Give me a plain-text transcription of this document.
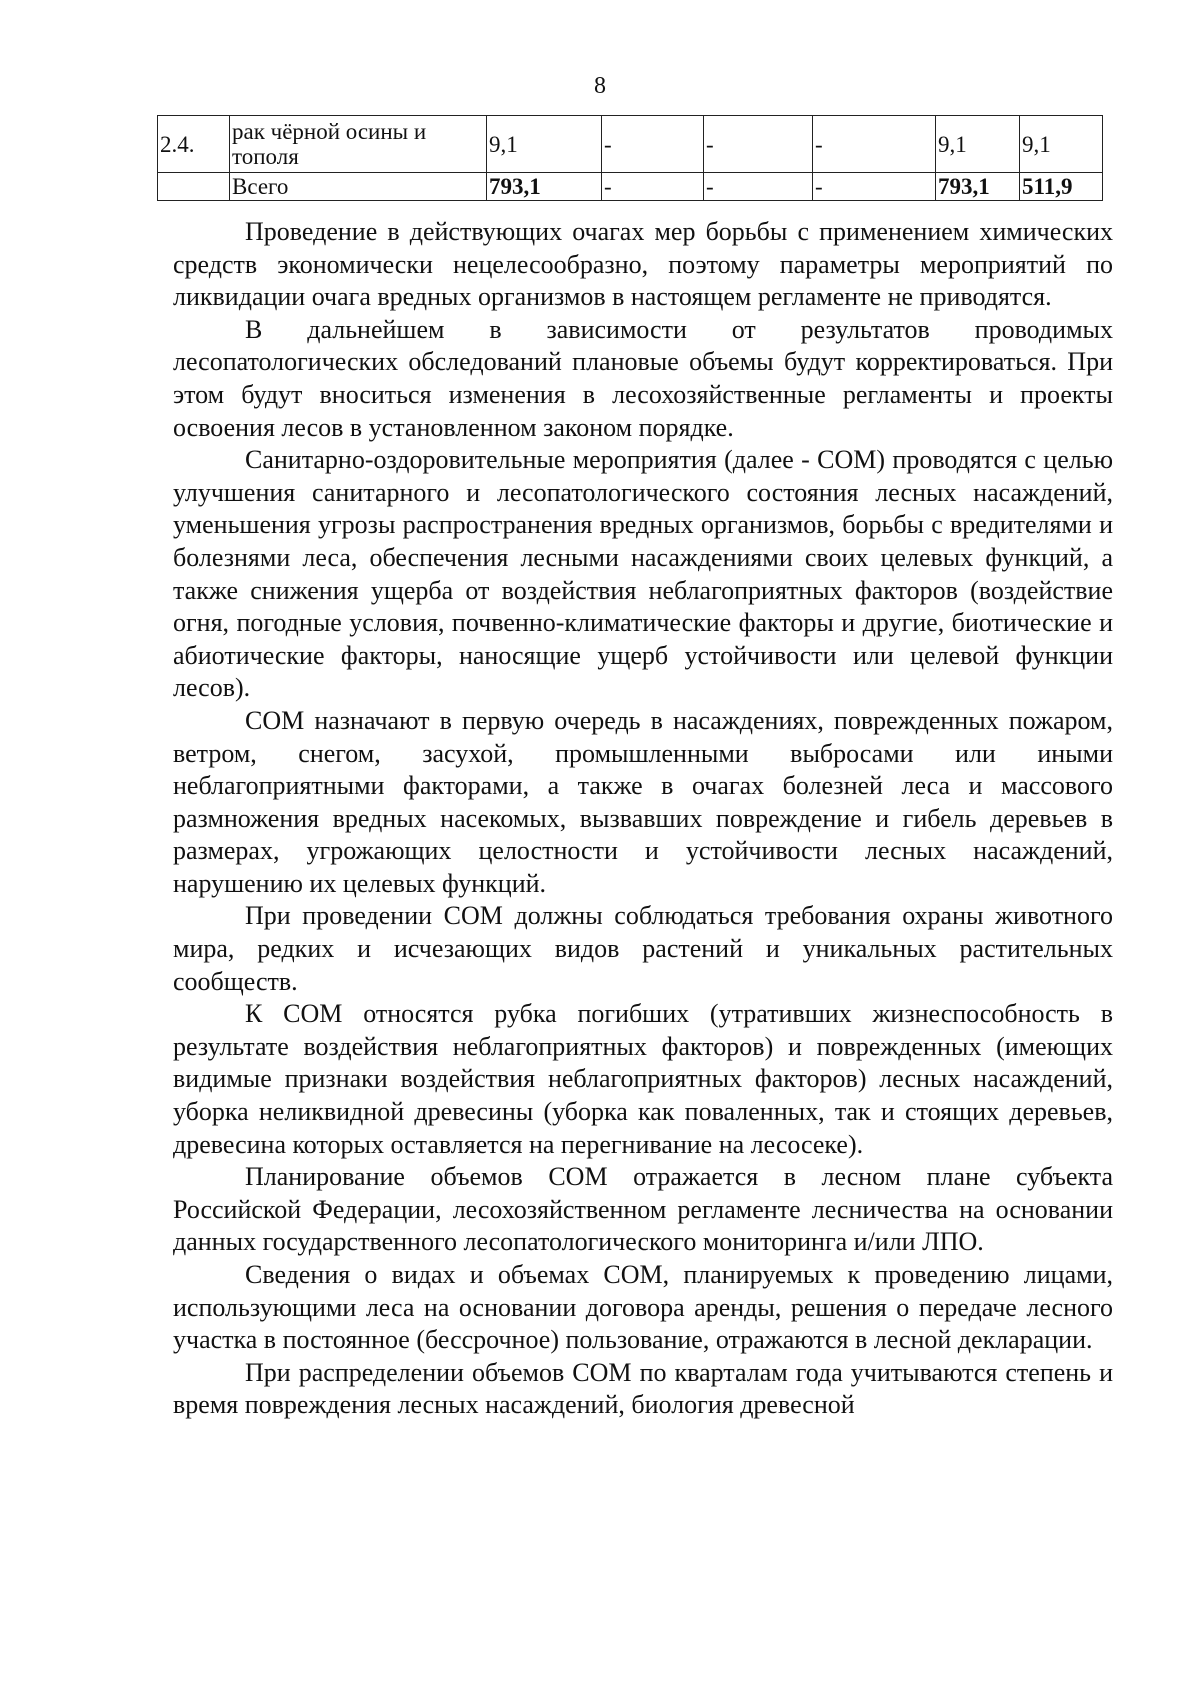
8
2.4.	рак чёрной осины и тополя	9,1	-	-	-	9,1	9,1
	Всего	793,1	-	-	-	793,1	511,9

Проведение в действующих очагах мер борьбы с применением химических средств экономически нецелесообразно, поэтому параметры мероприятий по ликвидации очага вредных организмов в настоящем регламенте не приводятся.

В дальнейшем в зависимости от результатов проводимых лесопатологических обследований плановые объемы будут корректироваться. При этом будут вноситься изменения в лесохозяйственные регламенты и проекты освоения лесов в установленном законом порядке.

Санитарно-оздоровительные мероприятия (далее - СОМ) проводятся с целью улучшения санитарного и лесопатологического состояния лесных насаждений, уменьшения угрозы распространения вредных организмов, борьбы с вредителями и болезнями леса, обеспечения лесными насаждениями своих целевых функций, а также снижения ущерба от воздействия неблагоприятных факторов (воздействие огня, погодные условия, почвенно-климатические факторы и другие, биотические и абиотические факторы, наносящие ущерб устойчивости или целевой функции лесов).

СОМ назначают в первую очередь в насаждениях, поврежденных пожаром, ветром, снегом, засухой, промышленными выбросами или иными неблагоприятными факторами, а также в очагах болезней леса и массового размножения вредных насекомых, вызвавших повреждение и гибель деревьев в размерах, угрожающих целостности и устойчивости лесных насаждений, нарушению их целевых функций.

При проведении СОМ должны соблюдаться требования охраны животного мира, редких и исчезающих видов растений и уникальных растительных сообществ.

К СОМ относятся рубка погибших (утративших жизнеспособность в результате воздействия неблагоприятных факторов) и поврежденных (имеющих видимые признаки воздействия неблагоприятных факторов) лесных насаждений, уборка неликвидной древесины (уборка как поваленных, так и стоящих деревьев, древесина которых оставляется на перегнивание на лесосеке).

Планирование объемов СОМ отражается в лесном плане субъекта Российской Федерации, лесохозяйственном регламенте лесничества на основании данных государственного лесопатологического мониторинга и/или ЛПО.

Сведения о видах и объемах СОМ, планируемых к проведению лицами, использующими леса на основании договора аренды, решения о передаче лесного участка в постоянное (бессрочное) пользование, отражаются в лесной декларации.

При распределении объемов СОМ по кварталам года учитываются степень и время повреждения лесных насаждений, биология древесной
